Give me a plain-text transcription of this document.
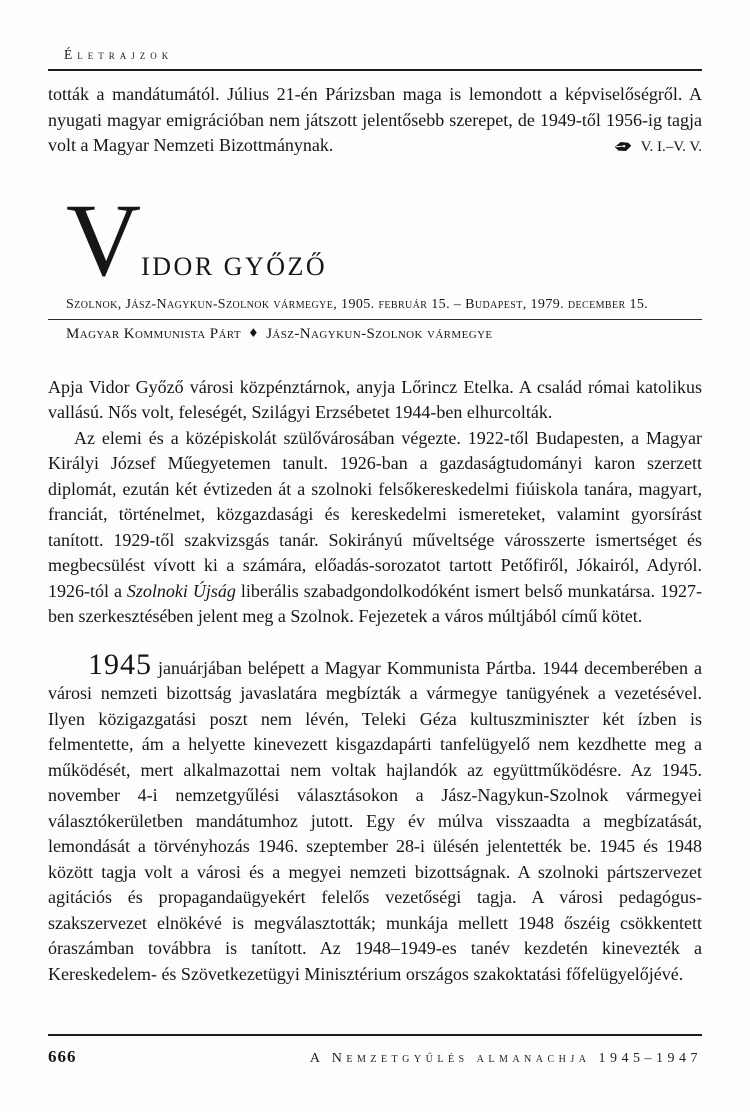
Életrajzok

tották a mandátumától. Július 21-én Párizsban maga is lemondott a képviselőségről. A nyugati magyar emigrációban nem játszott jelentősebb szerepet, de 1949-től 1956-ig tagja volt a Magyar Nemzeti Bizottmánynak.	V. I.–V. V.
VIDOR GYŐZŐ
Szolnok, Jász-Nagykun-Szolnok vármegye, 1905. február 15. – Budapest, 1979. december 15.
Magyar Kommunista Párt ♦ Jász-Nagykun-Szolnok vármegye

Apja Vidor Győző városi közpénztárnok, anyja Lőrincz Etelka. A család római katolikus vallású. Nős volt, feleségét, Szilágyi Erzsébetet 1944-ben elhurcolták.

Az elemi és a középiskolát szülővárosában végezte. 1922-től Budapesten, a Magyar Királyi József Műegyetemen tanult. 1926-ban a gazdaságtudományi karon szerzett diplomát, ezután két évtizeden át a szolnoki felsőkereskedelmi fiúiskola tanára, magyart, franciát, történelmet, közgazdasági és kereskedelmi ismereteket, valamint gyorsírást tanított. 1929-től szakvizsgás tanár. Sokirányú műveltsége városszerte ismertséget és megbecsülést vívott ki a számára, előadás-sorozatot tartott Petőfiről, Jókairól, Adyról. 1926-tól a Szolnoki Újság liberális szabadgondolkodóként ismert belső munkatársa. 1927-ben szerkesztésében jelent meg a Szolnok. Fejezetek a város múltjából című kötet.

1945 januárjában belépett a Magyar Kommunista Pártba. 1944 decemberében a városi nemzeti bizottság javaslatára megbízták a vármegye tanügyének a vezetésével. Ilyen közigazgatási poszt nem lévén, Teleki Géza kultuszminiszter két ízben is felmentette, ám a helyette kinevezett kisgazdapárti tanfelügyelő nem kezdhette meg a működését, mert alkalmazottai nem voltak hajlandók az együttműködésre. Az 1945. november 4-i nemzetgyűlési választásokon a Jász-Nagykun-Szolnok vármegyei választókerületben mandátumhoz jutott. Egy év múlva visszaadta a megbízatását, lemondását a törvényhozás 1946. szeptember 28-i ülésén jelentették be. 1945 és 1948 között tagja volt a városi és a megyei nemzeti bizottságnak. A szolnoki pártszervezet agitációs és propagandaügyekért felelős vezetőségi tagja. A városi pedagógus-szakszervezet elnökévé is megválasztották; munkája mellett 1948 őszéig csökkentett óraszámban továbbra is tanított. Az 1948–1949-es tanév kezdetén kinevezték a Kereskedelem- és Szövetkezetügyi Minisztérium országos szakoktatási főfelügyelőjévé.

666	A Nemzetgyűlés almanachja 1945–1947
